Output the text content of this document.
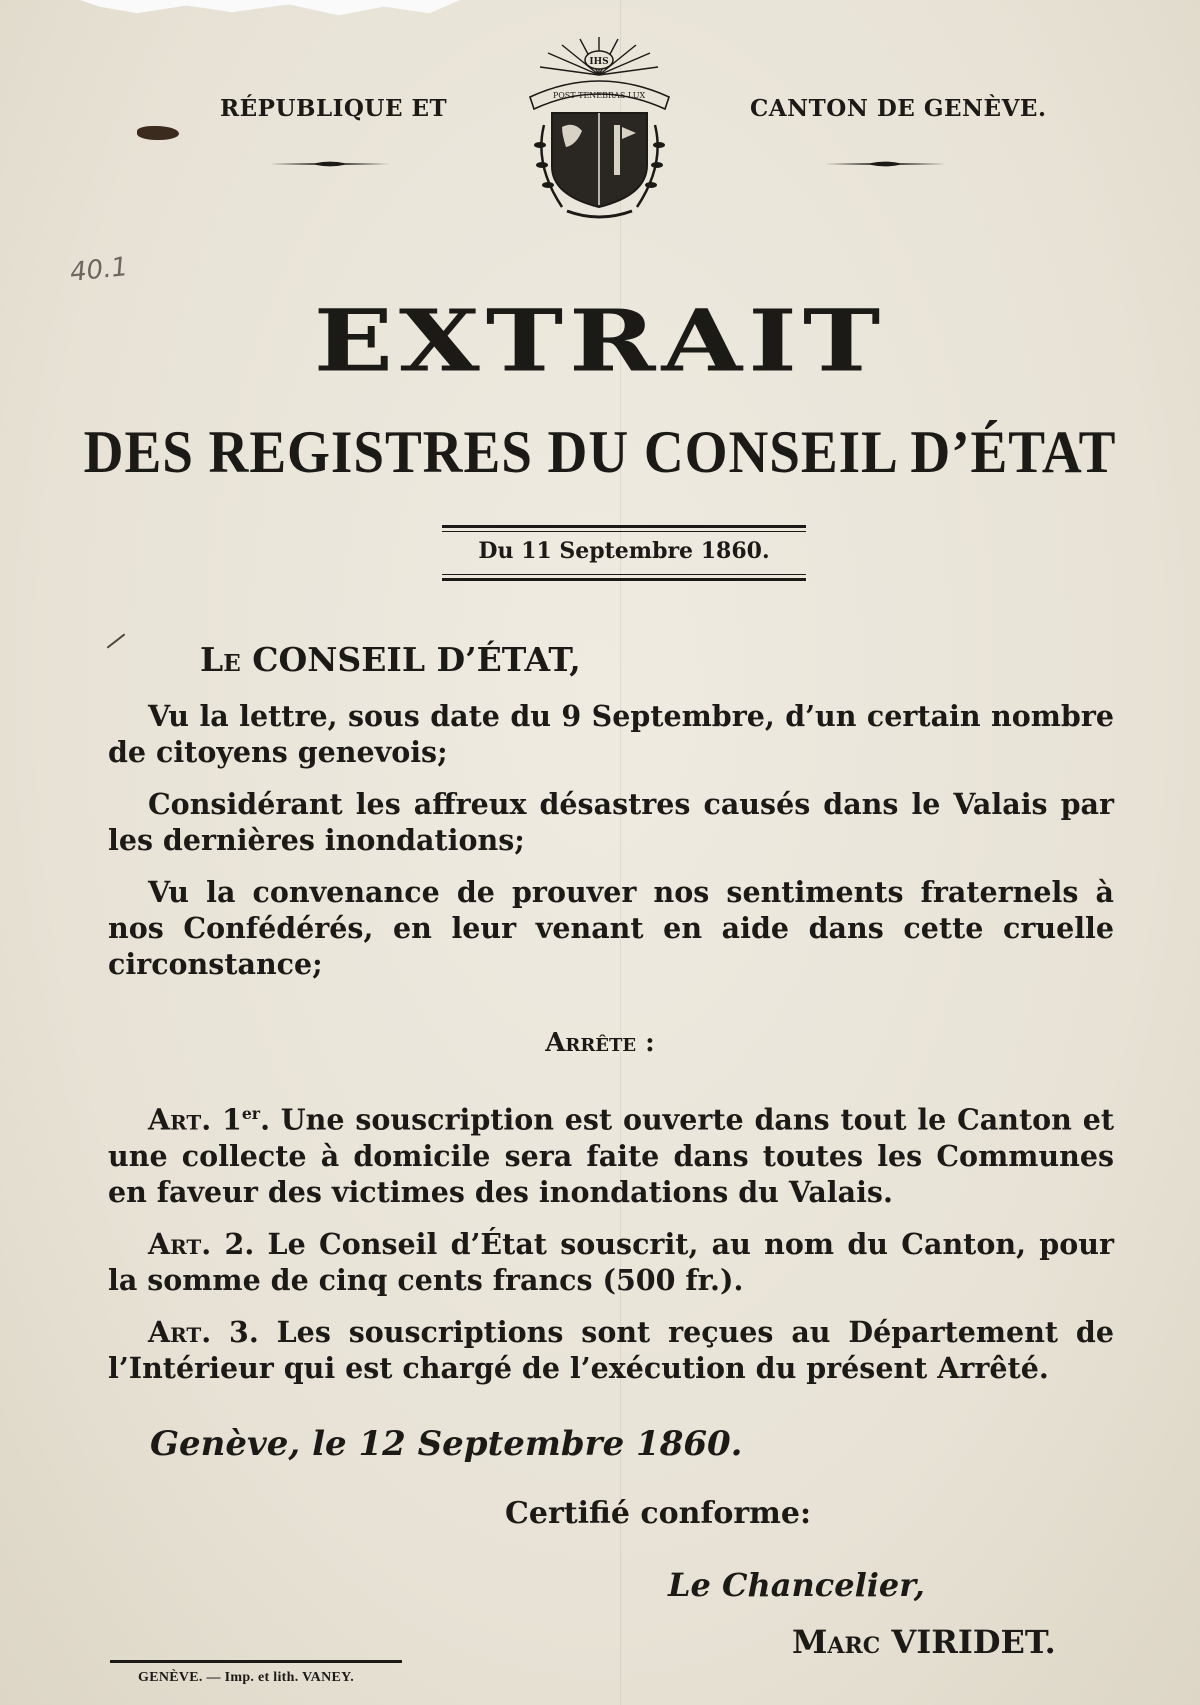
RÉPUBLIQUE ET	CANTON DE GENÈVE.
IHS
POST TENEBRAS LUX
40.1
EXTRAIT
DES REGISTRES DU CONSEIL D’ÉTAT
Du 11 Septembre 1860.
Le CONSEIL D’ÉTAT,

Vu la lettre, sous date du 9 Septembre, d’un certain nombre de citoyens genevois;

Considérant les affreux désastres causés dans le Valais par les dernières inondations;

Vu la convenance de prouver nos sentiments fraternels à nos Confédérés, en leur venant en aide dans cette cruelle circonstance;

Arrête :

Art. 1er. Une souscription est ouverte dans tout le Canton et une collecte à domicile sera faite dans toutes les Communes en faveur des victimes des inondations du Valais.

Art. 2. Le Conseil d’État souscrit, au nom du Canton, pour la somme de cinq cents francs (500 fr.).

Art. 3. Les souscriptions sont reçues au Département de l’Intérieur qui est chargé de l’exécution du présent Arrêté.

Genève, le 12 Septembre 1860.
Certifié conforme:
Le Chancelier,
Marc VIRIDET.
GENÈVE. — Imp. et lith. VANEY.
